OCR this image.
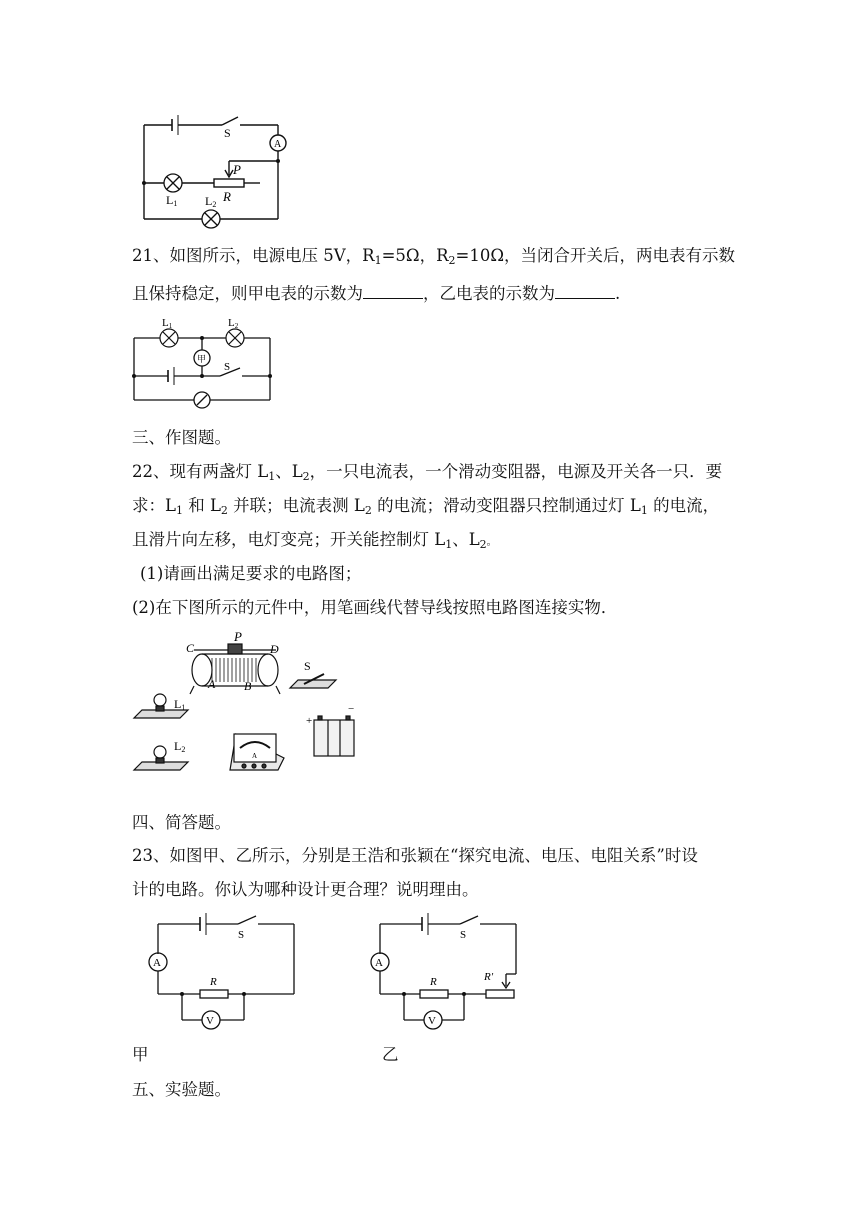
A
S
P
R
L1 L2
21、如图所示，电源电压 5V，$R_1=5\Omega$，$R_2=10\Omega$，当闭合开关后，两电表有示数
且保持稳定，则甲电表的示数为	，乙电表的示数为	.
L1	L2
甲
S
三、作图题。
22、现有两盏灯 $L_1$、$L_2$，一只电流表，一个滑动变阻器，电源及开关各一只．要
求：$L_1$ 和 $L_2$ 并联；电流表测 $L_2$ 的电流；滑动变阻器只控制通过灯 $L_1$ 的电流，
且滑片向左移，电灯变亮；开关能控制灯 $L_1$、$L_2$。
(1)请画出满足要求的电路图；
(2)在下图所示的元件中，用笔画线代替导线按照电路图连接实物．
C
P
D
A B
S
L1
L2
A
+
−
四、简答题。
23、如图甲、乙所示，分别是王浩和张颖在“探究电流、电压、电阻关系”时设
计的电路。你认为哪种设计更合理？说明理由。
S
A
R
V
S
A
R	R′
V
甲	乙
五、实验题。
